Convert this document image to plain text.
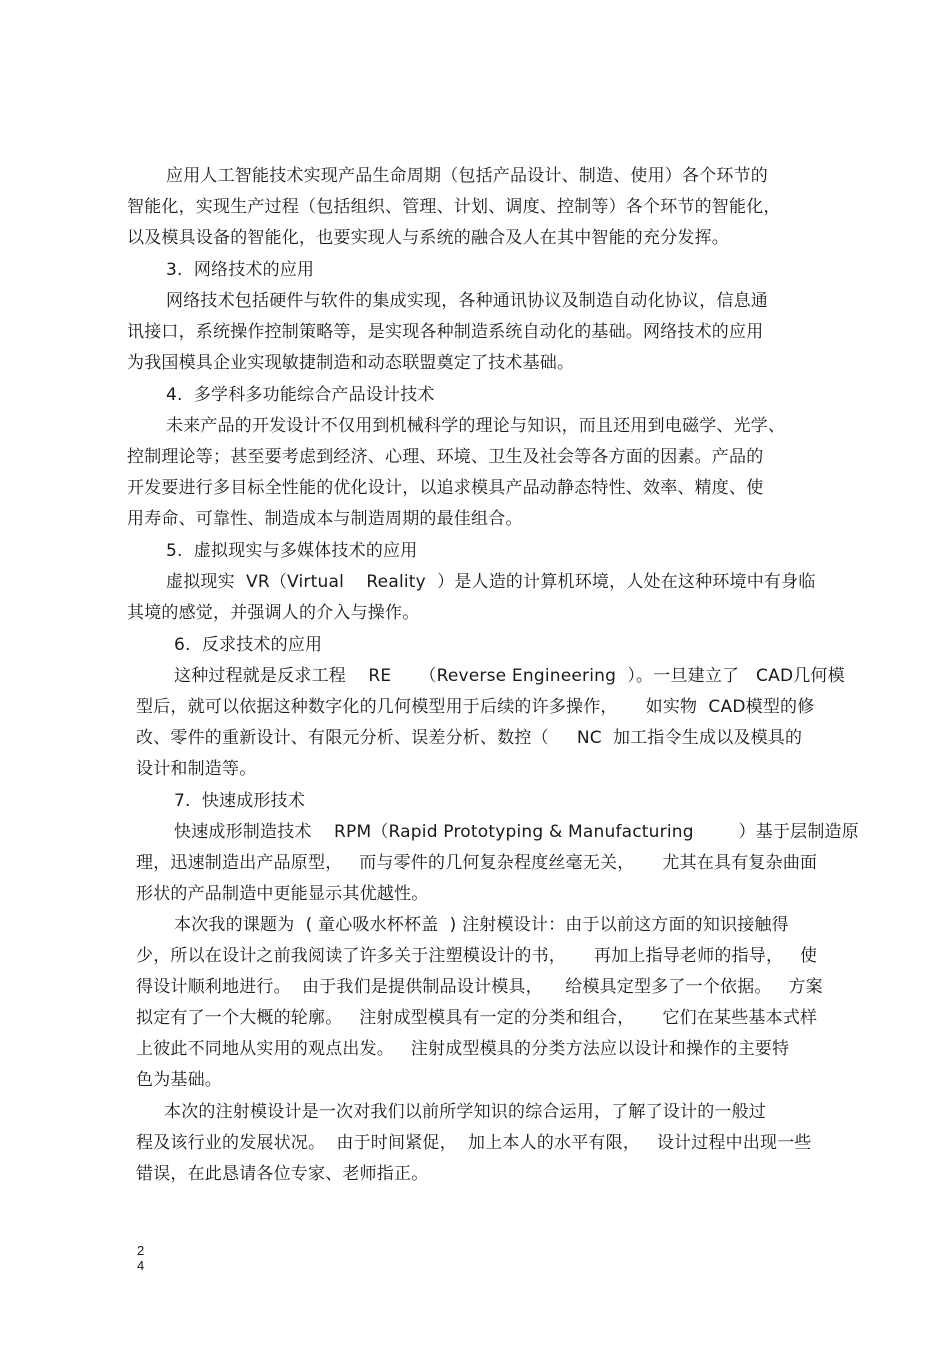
应用人工智能技术实现产品生命周期（包括产品设计、制造、使用）各个环节的
智能化，实现生产过程（包括组织、管理、计划、调度、控制等）各个环节的智能化，
以及模具设备的智能化，也要实现人与系统的融合及人在其中智能的充分发挥。
3.  网络技术的应用
网络技术包括硬件与软件的集成实现，各种通讯协议及制造自动化协议，信息通
讯接口，系统操作控制策略等，是实现各种制造系统自动化的基础。网络技术的应用
为我国模具企业实现敏捷制造和动态联盟奠定了技术基础。
4.  多学科多功能综合产品设计技术
未来产品的开发设计不仅用到机械科学的理论与知识，而且还用到电磁学、光学、
控制理论等；甚至要考虑到经济、心理、环境、卫生及社会等各方面的因素。产品的
开发要进行多目标全性能的优化设计，以追求模具产品动静态特性、效率、精度、使
用寿命、可靠性、制造成本与制造周期的最佳组合。
5.  虚拟现实与多媒体技术的应用
虚拟现实  VR（Virtual    Reality  ）是人造的计算机环境，人处在这种环境中有身临
其境的感觉，并强调人的介入与操作。
6.  反求技术的应用
这种过程就是反求工程    RE     （Reverse Engineering  ）。一旦建立了   CAD几何模
型后，就可以依据这种数字化的几何模型用于后续的许多操作，     如实物  CAD模型的修
改、零件的重新设计、有限元分析、误差分析、数控（     NC  加工指令生成以及模具的
设计和制造等。
7.  快速成形技术
快速成形制造技术    RPM（Rapid Prototyping & Manufacturing        ）基于层制造原
理，迅速制造出产品原型，   而与零件的几何复杂程度丝毫无关，     尤其在具有复杂曲面
形状的产品制造中更能显示其优越性。
本次我的课题为  ( 童心吸水杯杯盖  ) 注射模设计：由于以前这方面的知识接触得
少，所以在设计之前我阅读了许多关于注塑模设计的书，     再加上指导老师的指导，   使
得设计顺利地进行。  由于我们是提供制品设计模具，    给模具定型多了一个依据。   方案
拟定有了一个大概的轮廓。   注射成型模具有一定的分类和组合，     它们在某些基本式样
上彼此不同地从实用的观点出发。   注射成型模具的分类方法应以设计和操作的主要特
色为基础。
本次的注射模设计是一次对我们以前所学知识的综合运用，了解了设计的一般过
程及该行业的发展状况。  由于时间紧促，  加上本人的水平有限，   设计过程中出现一些
错误，在此恳请各位专家、老师指正。
2
4
